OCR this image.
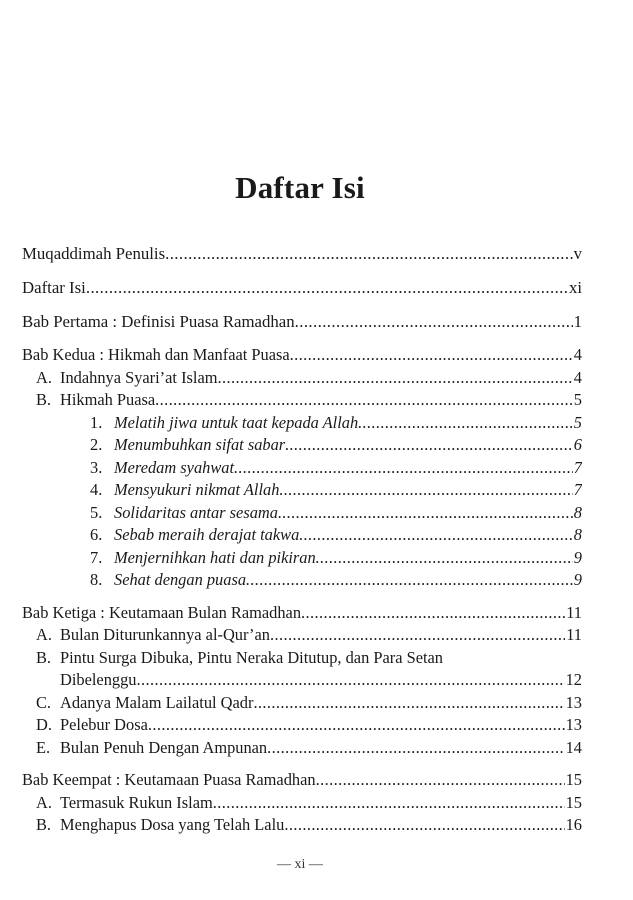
Daftar Isi
Muqaddimah Penulis .....	v
Daftar Isi .....	xi
Bab Pertama : Definisi Puasa Ramadhan .....	1
Bab Kedua : Hikmah dan Manfaat Puasa .....	4
A. Indahnya Syari’at Islam .....	4
B. Hikmah Puasa .....	5
1. Melatih jiwa untuk taat kepada Allah .....	5
2. Menumbuhkan sifat sabar .....	6
3. Meredam syahwat .....	7
4. Mensyukuri nikmat Allah .....	7
5. Solidaritas antar sesama .....	8
6. Sebab meraih derajat takwa .....	8
7. Menjernihkan hati dan pikiran .....	9
8. Sehat dengan puasa .....	9
Bab Ketiga : Keutamaan Bulan Ramadhan .....	11
A. Bulan Diturunkannya al-Qur’an .....	11
B. Pintu Surga Dibuka, Pintu Neraka Ditutup, dan Para Setan
Dibelenggu .....	12
C. Adanya Malam Lailatul Qadr .....	13
D. Pelebur Dosa .....	13
E. Bulan Penuh Dengan Ampunan .....	14
Bab Keempat : Keutamaan Puasa Ramadhan .....	15
A. Termasuk Rukun Islam .....	15
B. Menghapus Dosa yang Telah Lalu .....	16
— xi —
